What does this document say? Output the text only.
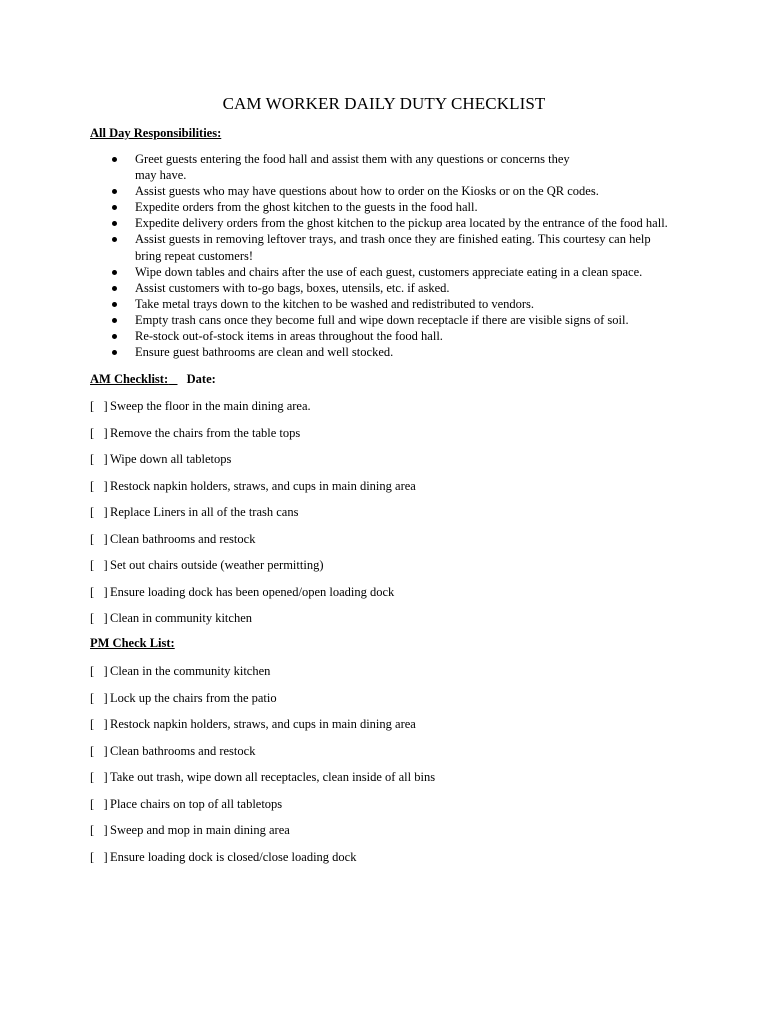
CAM WORKER DAILY DUTY CHECKLIST
All Day Responsibilities:
Greet guests entering the food hall and assist them with any questions or concerns they may have.
Assist guests who may have questions about how to order on the Kiosks or on the QR codes.
Expedite orders from the ghost kitchen to the guests in the food hall.
Expedite delivery orders from the ghost kitchen to the pickup area located by the entrance of the food hall.
Assist guests in removing leftover trays, and trash once they are finished eating. This courtesy can help bring repeat customers!
Wipe down tables and chairs after the use of each guest, customers appreciate eating in a clean space.
Assist customers with to-go bags, boxes, utensils, etc. if asked.
Take metal trays down to the kitchen to be washed and redistributed to vendors.
Empty trash cans once they become full and wipe down receptacle if there are visible signs of soil.
Re-stock out-of-stock items in areas throughout the food hall.
Ensure guest bathrooms are clean and well stocked.
AM Checklist: Date:
[   ] Sweep the floor in the main dining area.
[   ] Remove the chairs from the table tops
[   ] Wipe down all tabletops
[   ] Restock napkin holders, straws, and cups in main dining area
[   ] Replace Liners in all of the trash cans
[   ] Clean bathrooms and restock
[   ] Set out chairs outside (weather permitting)
[   ] Ensure loading dock has been opened/open loading dock
[   ] Clean in community kitchen
PM Check List:
[   ] Clean in the community kitchen
[   ] Lock up the chairs from the patio
[   ] Restock napkin holders, straws, and cups in main dining area
[   ] Clean bathrooms and restock
[   ] Take out trash, wipe down all receptacles, clean inside of all bins
[   ] Place chairs on top of all tabletops
[   ] Sweep and mop in main dining area
[   ] Ensure loading dock is closed/close loading dock
